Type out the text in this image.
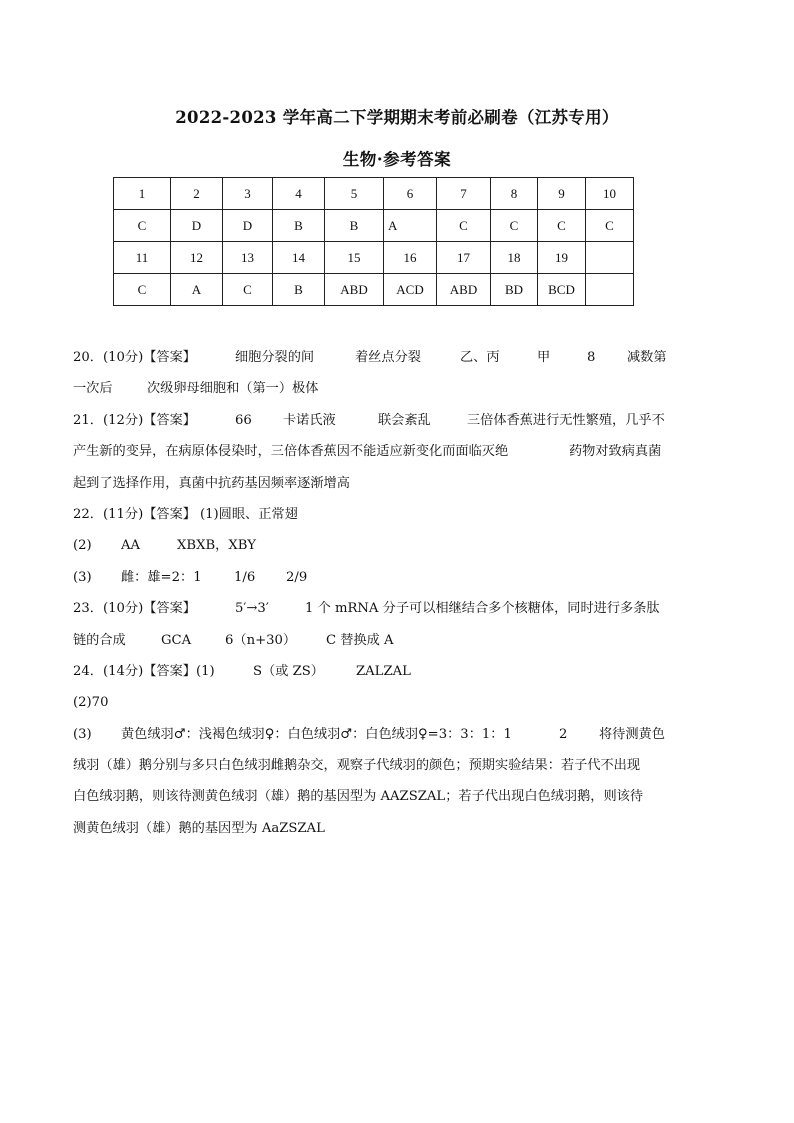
2022-2023 学年高二下学期期末考前必刷卷（江苏专用）
生物·参考答案
1	2	3	4	5	6	7	8	9	10
C	D	D	B	B	A	C	C	C	C
11	12	13	14	15	16	17	18	19	
C	A	C	B	ABD	ACD	ABD	BD	BCD	
20．(10分)【答案】	细胞分裂的间	着丝点分裂	乙、丙	甲	8 减数第
一次后	次级卵母细胞和（第一）极体
21．(12分)【答案】	66 卡诺氏液	联会紊乱	三倍体香蕉进行无性繁殖，几乎不
产生新的变异，在病原体侵染时，三倍体香蕉因不能适应新变化而面临灭绝	药物对致病真菌
起到了选择作用，真菌中抗药基因频率逐渐增高
22．(11分)【答案】 (1)圆眼、正常翅
(2) AA	XBXB，XBY
(3) 雌：雄=2：1 1/6 2/9
23．(10分)【答案】	5′→3′	1 个 mRNA 分子可以相继结合多个核糖体，同时进行多条肽
链的合成	GCA	6（n+30） C 替换成 A
24．(14分)【答案】(1)	S（或 ZS） ZALZAL
(2)70
(3) 黄色绒羽♂：浅褐色绒羽♀：白色绒羽♂：白色绒羽♀=3：3：1：1	2 将待测黄色
绒羽（雄）鹅分别与多只白色绒羽雌鹅杂交，观察子代绒羽的颜色；预期实验结果：若子代不出现
白色绒羽鹅，则该待测黄色绒羽（雄）鹅的基因型为 AAZSZAL；若子代出现白色绒羽鹅，则该待
测黄色绒羽（雄）鹅的基因型为 AaZSZAL
